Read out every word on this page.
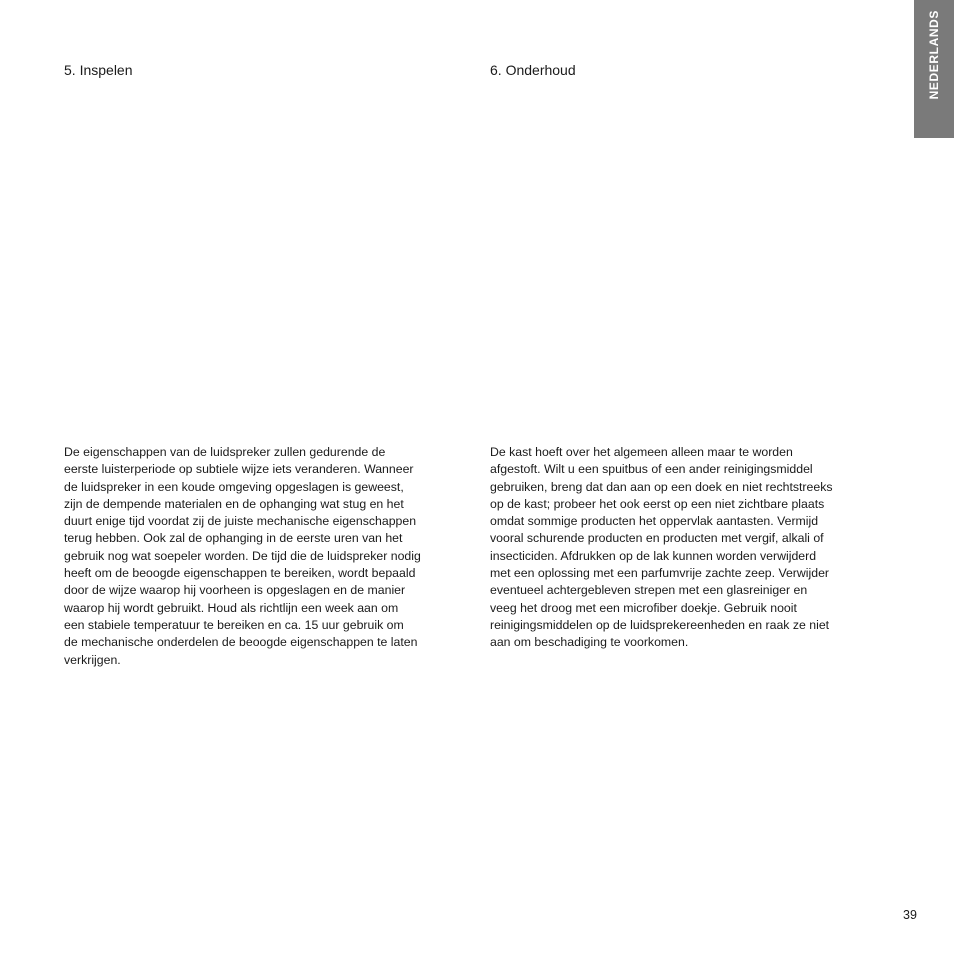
5. Inspelen	6. Onderhoud

De eigenschappen van de luidspreker zullen gedurende de
eerste luisterperiode op subtiele wijze iets veranderen. Wanneer
de luidspreker in een koude omgeving opgeslagen is geweest,
zijn de dempende materialen en de ophanging wat stug en het
duurt enige tijd voordat zij de juiste mechanische eigenschappen
terug hebben. Ook zal de ophanging in de eerste uren van het
gebruik nog wat soepeler worden. De tijd die de luidspreker nodig
heeft om de beoogde eigenschappen te bereiken, wordt bepaald
door de wijze waarop hij voorheen is opgeslagen en de manier
waarop hij wordt gebruikt. Houd als richtlijn een week aan om
een stabiele temperatuur te bereiken en ca. 15 uur gebruik om
de mechanische onderdelen de beoogde eigenschappen te laten
verkrijgen.

De kast hoeft over het algemeen alleen maar te worden
afgestoft. Wilt u een spuitbus of een ander reinigingsmiddel
gebruiken, breng dat dan aan op een doek en niet rechtstreeks
op de kast; probeer het ook eerst op een niet zichtbare plaats
omdat sommige producten het oppervlak aantasten. Vermijd
vooral schurende producten en producten met vergif, alkali of
insecticiden. Afdrukken op de lak kunnen worden verwijderd
met een oplossing met een parfumvrije zachte zeep. Verwijder
eventueel achtergebleven strepen met een glasreiniger en
veeg het droog met een microfiber doekje. Gebruik nooit
reinigingsmiddelen op de luidsprekereenheden en raak ze niet
aan om beschadiging te voorkomen.

NEDERLANDS
39
